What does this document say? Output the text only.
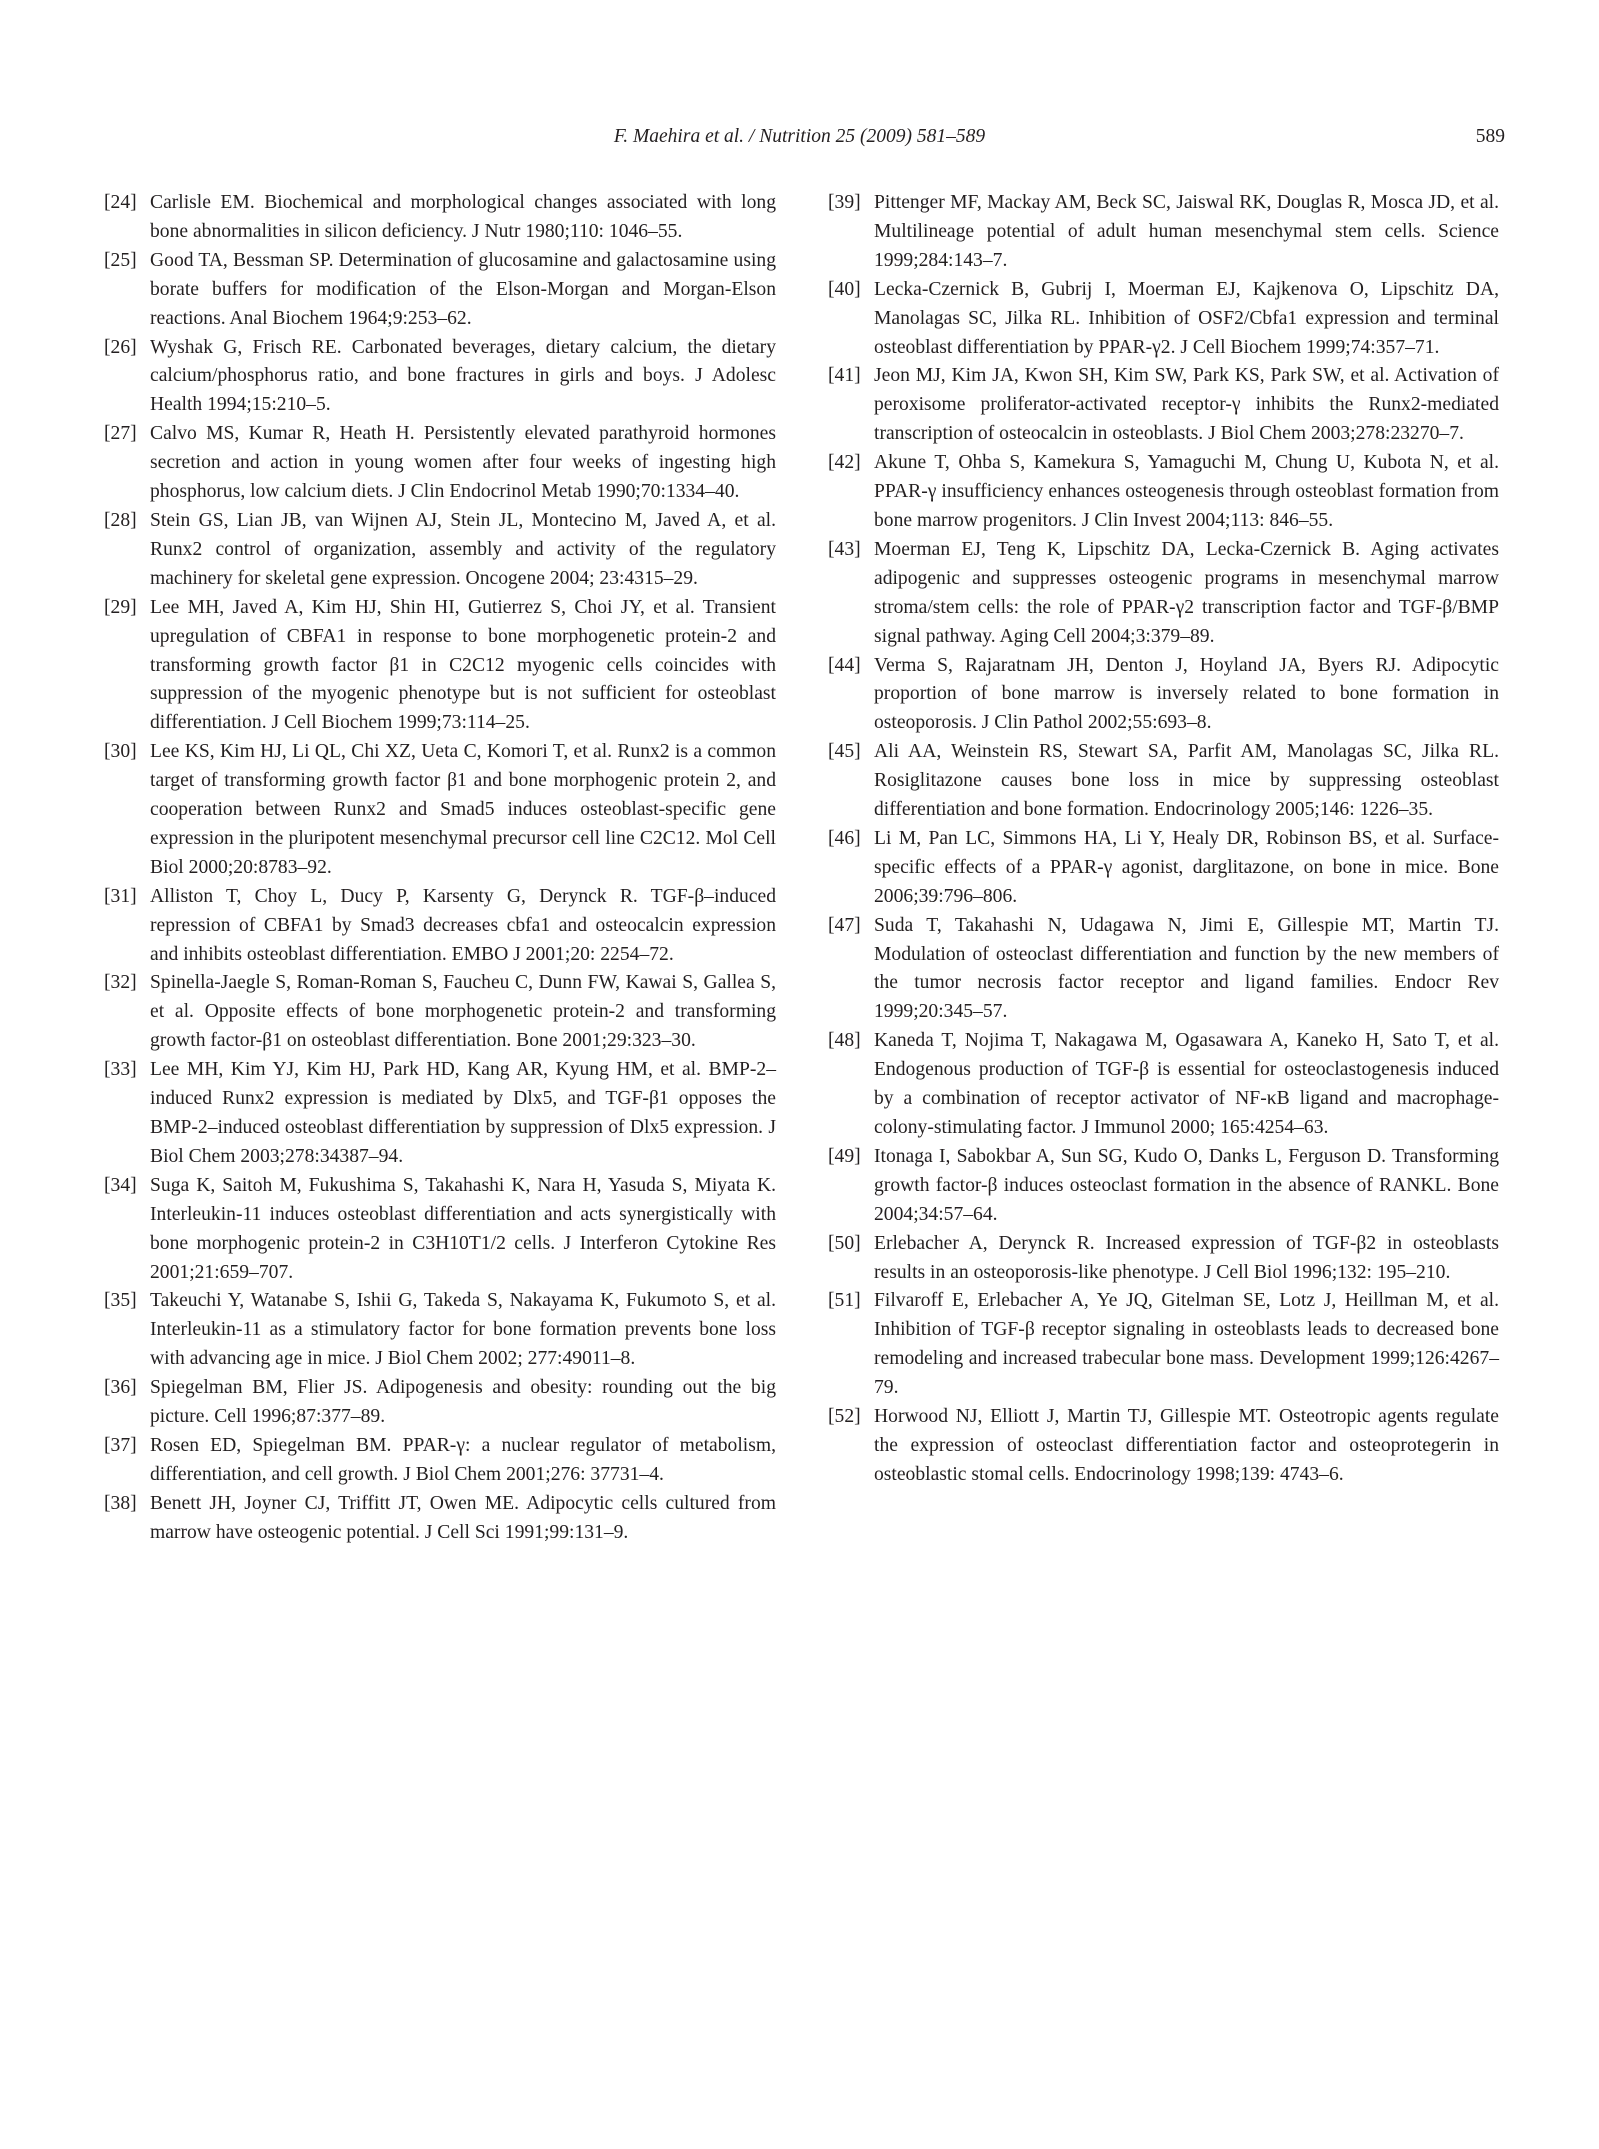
F. Maehira et al. / Nutrition 25 (2009) 581–589	589
[24] Carlisle EM. Biochemical and morphological changes associated with long bone abnormalities in silicon deficiency. J Nutr 1980;110: 1046–55.
[25] Good TA, Bessman SP. Determination of glucosamine and galactosamine using borate buffers for modification of the Elson-Morgan and Morgan-Elson reactions. Anal Biochem 1964;9:253–62.
[26] Wyshak G, Frisch RE. Carbonated beverages, dietary calcium, the dietary calcium/phosphorus ratio, and bone fractures in girls and boys. J Adolesc Health 1994;15:210–5.
[27] Calvo MS, Kumar R, Heath H. Persistently elevated parathyroid hormones secretion and action in young women after four weeks of ingesting high phosphorus, low calcium diets. J Clin Endocrinol Metab 1990;70:1334–40.
[28] Stein GS, Lian JB, van Wijnen AJ, Stein JL, Montecino M, Javed A, et al. Runx2 control of organization, assembly and activity of the regulatory machinery for skeletal gene expression. Oncogene 2004; 23:4315–29.
[29] Lee MH, Javed A, Kim HJ, Shin HI, Gutierrez S, Choi JY, et al. Transient upregulation of CBFA1 in response to bone morphogenetic protein-2 and transforming growth factor β1 in C2C12 myogenic cells coincides with suppression of the myogenic phenotype but is not sufficient for osteoblast differentiation. J Cell Biochem 1999;73:114–25.
[30] Lee KS, Kim HJ, Li QL, Chi XZ, Ueta C, Komori T, et al. Runx2 is a common target of transforming growth factor β1 and bone morphogenic protein 2, and cooperation between Runx2 and Smad5 induces osteoblast-specific gene expression in the pluripotent mesenchymal precursor cell line C2C12. Mol Cell Biol 2000;20:8783–92.
[31] Alliston T, Choy L, Ducy P, Karsenty G, Derynck R. TGF-β–induced repression of CBFA1 by Smad3 decreases cbfa1 and osteocalcin expression and inhibits osteoblast differentiation. EMBO J 2001;20: 2254–72.
[32] Spinella-Jaegle S, Roman-Roman S, Faucheu C, Dunn FW, Kawai S, Gallea S, et al. Opposite effects of bone morphogenetic protein-2 and transforming growth factor-β1 on osteoblast differentiation. Bone 2001;29:323–30.
[33] Lee MH, Kim YJ, Kim HJ, Park HD, Kang AR, Kyung HM, et al. BMP-2–induced Runx2 expression is mediated by Dlx5, and TGF-β1 opposes the BMP-2–induced osteoblast differentiation by suppression of Dlx5 expression. J Biol Chem 2003;278:34387–94.
[34] Suga K, Saitoh M, Fukushima S, Takahashi K, Nara H, Yasuda S, Miyata K. Interleukin-11 induces osteoblast differentiation and acts synergistically with bone morphogenic protein-2 in C3H10T1/2 cells. J Interferon Cytokine Res 2001;21:659–707.
[35] Takeuchi Y, Watanabe S, Ishii G, Takeda S, Nakayama K, Fukumoto S, et al. Interleukin-11 as a stimulatory factor for bone formation prevents bone loss with advancing age in mice. J Biol Chem 2002; 277:49011–8.
[36] Spiegelman BM, Flier JS. Adipogenesis and obesity: rounding out the big picture. Cell 1996;87:377–89.
[37] Rosen ED, Spiegelman BM. PPAR-γ: a nuclear regulator of metabolism, differentiation, and cell growth. J Biol Chem 2001;276: 37731–4.
[38] Benett JH, Joyner CJ, Triffitt JT, Owen ME. Adipocytic cells cultured from marrow have osteogenic potential. J Cell Sci 1991;99:131–9.
[39] Pittenger MF, Mackay AM, Beck SC, Jaiswal RK, Douglas R, Mosca JD, et al. Multilineage potential of adult human mesenchymal stem cells. Science 1999;284:143–7.
[40] Lecka-Czernick B, Gubrij I, Moerman EJ, Kajkenova O, Lipschitz DA, Manolagas SC, Jilka RL. Inhibition of OSF2/Cbfa1 expression and terminal osteoblast differentiation by PPAR-γ2. J Cell Biochem 1999;74:357–71.
[41] Jeon MJ, Kim JA, Kwon SH, Kim SW, Park KS, Park SW, et al. Activation of peroxisome proliferator-activated receptor-γ inhibits the Runx2-mediated transcription of osteocalcin in osteoblasts. J Biol Chem 2003;278:23270–7.
[42] Akune T, Ohba S, Kamekura S, Yamaguchi M, Chung U, Kubota N, et al. PPAR-γ insufficiency enhances osteogenesis through osteoblast formation from bone marrow progenitors. J Clin Invest 2004;113: 846–55.
[43] Moerman EJ, Teng K, Lipschitz DA, Lecka-Czernick B. Aging activates adipogenic and suppresses osteogenic programs in mesenchymal marrow stroma/stem cells: the role of PPAR-γ2 transcription factor and TGF-β/BMP signal pathway. Aging Cell 2004;3:379–89.
[44] Verma S, Rajaratnam JH, Denton J, Hoyland JA, Byers RJ. Adipocytic proportion of bone marrow is inversely related to bone formation in osteoporosis. J Clin Pathol 2002;55:693–8.
[45] Ali AA, Weinstein RS, Stewart SA, Parfit AM, Manolagas SC, Jilka RL. Rosiglitazone causes bone loss in mice by suppressing osteoblast differentiation and bone formation. Endocrinology 2005;146: 1226–35.
[46] Li M, Pan LC, Simmons HA, Li Y, Healy DR, Robinson BS, et al. Surface-specific effects of a PPAR-γ agonist, darglitazone, on bone in mice. Bone 2006;39:796–806.
[47] Suda T, Takahashi N, Udagawa N, Jimi E, Gillespie MT, Martin TJ. Modulation of osteoclast differentiation and function by the new members of the tumor necrosis factor receptor and ligand families. Endocr Rev 1999;20:345–57.
[48] Kaneda T, Nojima T, Nakagawa M, Ogasawara A, Kaneko H, Sato T, et al. Endogenous production of TGF-β is essential for osteoclastogenesis induced by a combination of receptor activator of NF-κB ligand and macrophage-colony-stimulating factor. J Immunol 2000; 165:4254–63.
[49] Itonaga I, Sabokbar A, Sun SG, Kudo O, Danks L, Ferguson D. Transforming growth factor-β induces osteoclast formation in the absence of RANKL. Bone 2004;34:57–64.
[50] Erlebacher A, Derynck R. Increased expression of TGF-β2 in osteoblasts results in an osteoporosis-like phenotype. J Cell Biol 1996;132: 195–210.
[51] Filvaroff E, Erlebacher A, Ye JQ, Gitelman SE, Lotz J, Heillman M, et al. Inhibition of TGF-β receptor signaling in osteoblasts leads to decreased bone remodeling and increased trabecular bone mass. Development 1999;126:4267–79.
[52] Horwood NJ, Elliott J, Martin TJ, Gillespie MT. Osteotropic agents regulate the expression of osteoclast differentiation factor and osteoprotegerin in osteoblastic stomal cells. Endocrinology 1998;139: 4743–6.
